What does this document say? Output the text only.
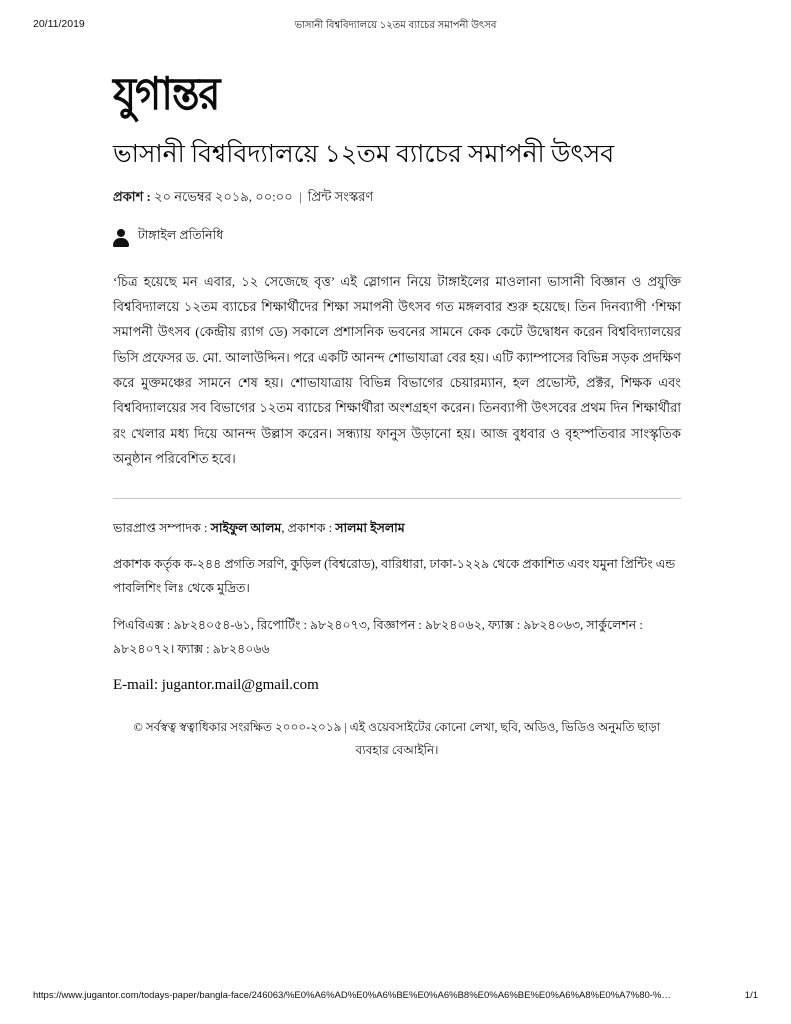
20/11/2019	ভাসানী বিশ্ববিদ্যালয়ে ১২তম ব্যাচের সমাপনী উৎসব
যুগান্তর
ভাসানী বিশ্ববিদ্যালয়ে ১২তম ব্যাচের সমাপনী উৎসব
প্রকাশ : ২০ নভেম্বর ২০১৯, ০০:০০ | প্রিন্ট সংস্করণ
টাঙ্গাইল প্রতিনিধি

‘চিত্র হয়েছে মন এবার, ১২ সেজেছে বৃত্ত’ এই স্লোগান নিয়ে টাঙ্গাইলের মাওলানা ভাসানী বিজ্ঞান ও প্রযুক্তি বিশ্ববিদ্যালয়ে ১২তম ব্যাচের শিক্ষার্থীদের শিক্ষা সমাপনী উৎসব গত মঙ্গলবার শুরু হয়েছে। তিন দিনব্যাপী ‘শিক্ষা সমাপনী উৎসব (কেন্দ্রীয় র‌্যাগ ডে) সকালে প্রশাসনিক ভবনের সামনে কেক কেটে উদ্বোধন করেন বিশ্ববিদ্যালয়ের ভিসি প্রফেসর ড. মো. আলাউদ্দিন। পরে একটি আনন্দ শোভাযাত্রা বের হয়। এটি ক্যাম্পাসের বিভিন্ন সড়ক প্রদক্ষিণ করে মুক্তমঞ্চের সামনে শেষ হয়। শোভাযাত্রায় বিভিন্ন বিভাগের চেয়ারম্যান, হল প্রভোস্ট, প্রক্টর, শিক্ষক এবং বিশ্ববিদ্যালয়ের সব বিভাগের ১২তম ব্যাচের শিক্ষার্থীরা অংশগ্রহণ করেন। তিনব্যাপী উৎসবের প্রথম দিন শিক্ষার্থীরা রং খেলার মধ্য দিয়ে আনন্দ উল্লাস করেন। সন্ধ্যায় ফানুস উড়ানো হয়। আজ বুধবার ও বৃহস্পতিবার সাংস্কৃতিক অনুষ্ঠান পরিবেশিত হবে।

ভারপ্রাপ্ত সম্পাদক : সাইফুল আলম, প্রকাশক : সালমা ইসলাম
প্রকাশক কর্তৃক ক-২৪৪ প্রগতি সরণি, কুড়িল (বিশ্বরোড), বারিধারা, ঢাকা-১২২৯ থেকে প্রকাশিত এবং যমুনা প্রিন্টিং এন্ড পাবলিশিং লিঃ থেকে মুদ্রিত।
পিএবিএক্স : ৯৮২৪০৫৪-৬১, রিপোর্টিং : ৯৮২৪০৭৩, বিজ্ঞাপন : ৯৮২৪০৬২, ফ্যাক্স : ৯৮২৪০৬৩, সার্কুলেশন : ৯৮২৪০৭২। ফ্যাক্স : ৯৮২৪০৬৬
E-mail: jugantor.mail@gmail.com
© সর্বস্বত্ব স্বত্বাধিকার সংরক্ষিত ২০০০-২০১৯ | এই ওয়েবসাইটের কোনো লেখা, ছবি, অডিও, ভিডিও অনুমতি ছাড়া ব্যবহার বেআইনি।
https://www.jugantor.com/todays-paper/bangla-face/246063/%E0%A6%AD%E0%A6%BE%E0%A6%B8%E0%A6%BE%E0%A6%A8%E0%A7%80-%…	1/1
